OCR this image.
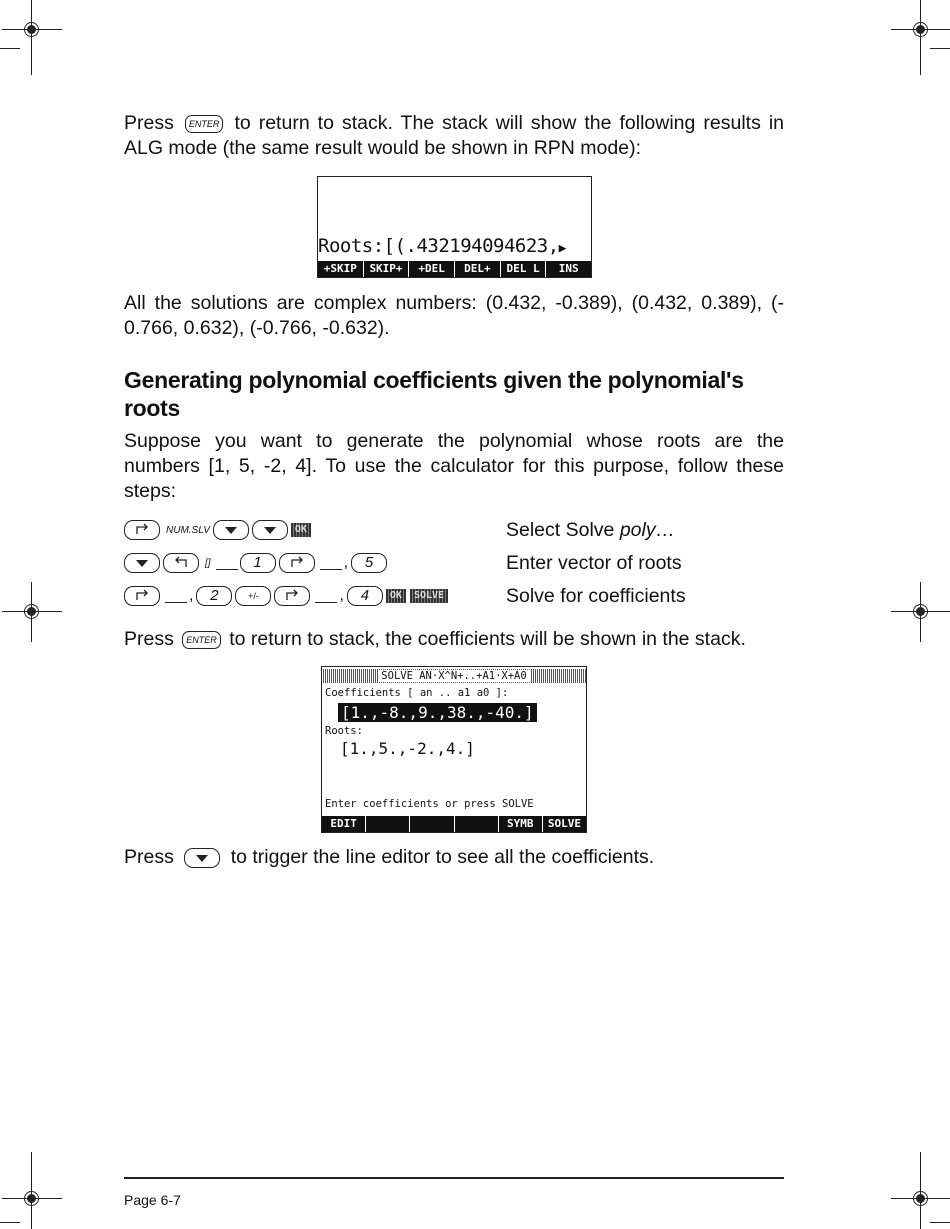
Press ENTER to return to stack. The stack will show the following results in
ALG mode (the same result would be shown in RPN mode):
Roots:[(.432194094623,▶
+SKIP	SKIP+	+DEL	DEL+	DEL L	INS
All the solutions are complex numbers: (0.432, -0.389), (0.432, 0.389), (-
0.766, 0.632), (-0.766, -0.632).
Generating polynomial coefficients given the polynomial's
roots
Suppose you want to generate the polynomial whose roots are the
numbers [1, 5, -2, 4]. To use the calculator for this purpose, follow these
steps:
NUM.SLV	OK	Select Solve poly…
[]	1	,	5	Enter vector of roots
,	2	+/-	,	4	OK	SOLVE	Solve for coefficients
Press ENTER to return to stack, the coefficients will be shown in the stack.
SOLVE AN·X^N+..+A1·X+A0
Coefficients [ an .. a1 a0 ]:
[1.,-8.,9.,38.,-40.]
Roots:
[1.,5.,-2.,4.]
Enter coefficients or press SOLVE
EDIT	SYMB	SOLVE
Press	to trigger the line editor to see all the coefficients.
Page 6-7
